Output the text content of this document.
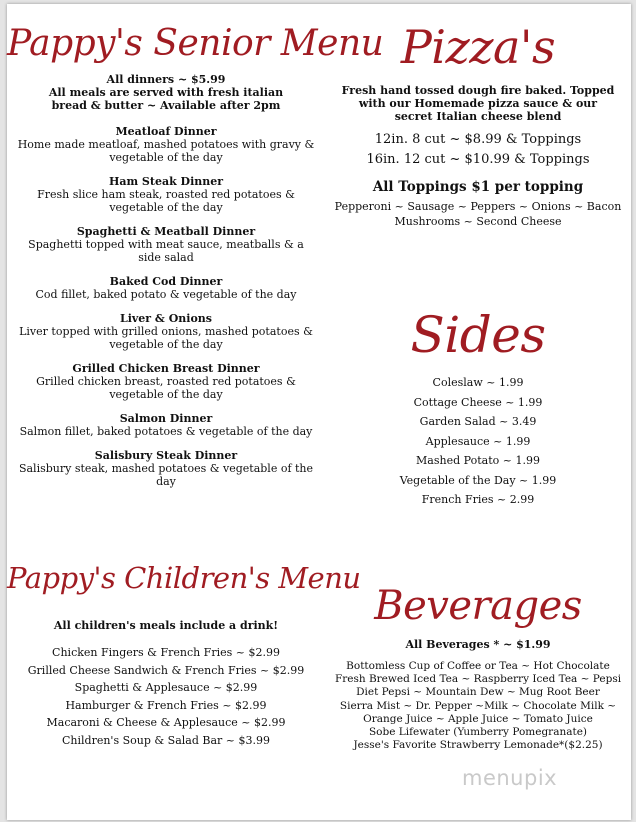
Pappy's Senior Menu
All dinners ~ $5.99
All meals are served with fresh italian
bread & butter ~ Available after 2pm
Meatloaf Dinner
Home made meatloaf, mashed potatoes with gravy & vegetable of the day
Ham Steak Dinner
Fresh slice ham steak, roasted red potatoes & vegetable of the day
Spaghetti & Meatball Dinner
Spaghetti topped with meat sauce, meatballs & a side salad
Baked Cod Dinner
Cod fillet, baked potato & vegetable of the day
Liver & Onions
Liver topped with grilled onions, mashed potatoes & vegetable of the day
Grilled Chicken Breast Dinner
Grilled chicken breast, roasted red potatoes & vegetable of the day
Salmon Dinner
Salmon fillet, baked potatoes & vegetable of the day
Salisbury Steak Dinner
Salisbury steak, mashed potatoes & vegetable of the day
Pizza's
Fresh hand tossed dough fire baked. Topped
with our Homemade pizza sauce & our
secret Italian cheese blend
12in. 8 cut ~ $8.99 & Toppings
16in. 12 cut ~ $10.99 & Toppings
All Toppings $1 per topping
Pepperoni ~ Sausage ~ Peppers ~ Onions ~ Bacon
Mushrooms ~ Second Cheese
Sides
Coleslaw ~ 1.99
Cottage Cheese ~ 1.99
Garden Salad ~ 3.49
Applesauce ~ 1.99
Mashed Potato ~ 1.99
Vegetable of the Day ~ 1.99
French Fries ~ 2.99
Pappy's Children's Menu
All children's meals include a drink!
Chicken Fingers & French Fries ~ $2.99
Grilled Cheese Sandwich & French Fries ~ $2.99
Spaghetti & Applesauce ~ $2.99
Hamburger & French Fries ~ $2.99
Macaroni & Cheese & Applesauce ~ $2.99
Children's Soup & Salad Bar ~ $3.99
Beverages
All Beverages * ~ $1.99
Bottomless Cup of Coffee or Tea ~ Hot Chocolate
Fresh Brewed Iced Tea ~ Raspberry Iced Tea ~ Pepsi
Diet Pepsi ~ Mountain Dew ~ Mug Root Beer
Sierra Mist ~ Dr. Pepper ~Milk ~ Chocolate Milk ~
Orange Juice ~ Apple Juice ~ Tomato Juice
Sobe Lifewater (Yumberry Pomegranate)
Jesse's Favorite Strawberry Lemonade*($2.25)
menupix
